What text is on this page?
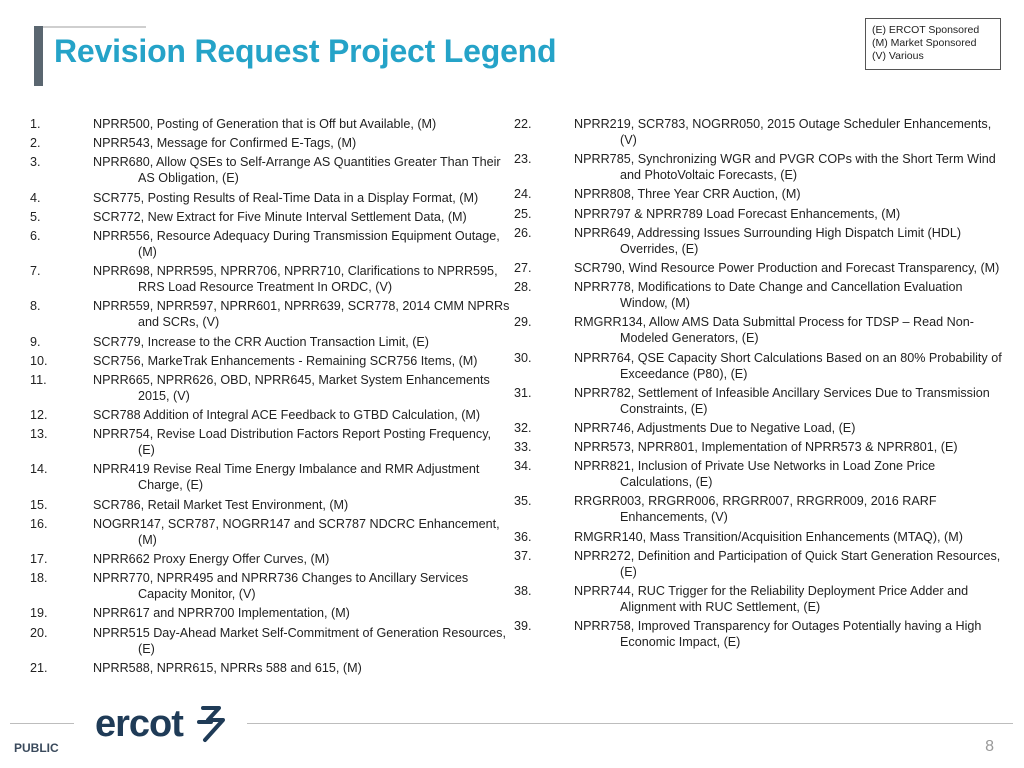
Revision Request Project Legend
(E) ERCOT Sponsored
(M) Market Sponsored
(V) Various
1.	NPRR500, Posting of Generation that is Off but Available, (M)
2.	NPRR543, Message for Confirmed E-Tags, (M)
3.	NPRR680, Allow QSEs to Self-Arrange AS Quantities Greater Than Their AS Obligation, (E)
4.	SCR775, Posting Results of Real-Time Data in a Display Format, (M)
5.	SCR772, New Extract for Five Minute Interval Settlement Data, (M)
6.	NPRR556, Resource Adequacy During Transmission Equipment Outage, (M)
7.	NPRR698, NPRR595, NPRR706, NPRR710, Clarifications to NPRR595, RRS Load Resource Treatment In ORDC, (V)
8.	NPRR559, NPRR597, NPRR601, NPRR639, SCR778, 2014 CMM NPRRs and SCRs, (V)
9.	SCR779, Increase to the CRR Auction Transaction Limit, (E)
10.	SCR756, MarkeTrak Enhancements - Remaining SCR756 Items, (M)
11.	NPRR665, NPRR626, OBD, NPRR645, Market System Enhancements 2015, (V)
12.	SCR788 Addition of Integral ACE Feedback to GTBD Calculation, (M)
13.	NPRR754, Revise Load Distribution Factors Report Posting Frequency, (E)
14.	NPRR419 Revise Real Time Energy Imbalance and RMR Adjustment Charge, (E)
15.	SCR786, Retail Market Test Environment, (M)
16.	NOGRR147, SCR787, NOGRR147 and SCR787 NDCRC Enhancement, (M)
17.	NPRR662 Proxy Energy Offer Curves, (M)
18.	NPRR770, NPRR495 and NPRR736 Changes to Ancillary Services Capacity Monitor, (V)
19.	NPRR617 and NPRR700 Implementation, (M)
20.	NPRR515 Day-Ahead Market Self-Commitment of Generation Resources, (E)
21.	NPRR588, NPRR615, NPRRs 588 and 615, (M)
22.	NPRR219, SCR783, NOGRR050, 2015 Outage Scheduler Enhancements, (V)
23.	NPRR785, Synchronizing WGR and PVGR COPs with the Short Term Wind and PhotoVoltaic Forecasts, (E)
24.	NPRR808, Three Year CRR Auction, (M)
25.	NPRR797 & NPRR789 Load Forecast Enhancements, (M)
26.	NPRR649, Addressing Issues Surrounding High Dispatch Limit (HDL) Overrides, (E)
27.	SCR790, Wind Resource Power Production and Forecast Transparency, (M)
28.	NPRR778, Modifications to Date Change and Cancellation Evaluation Window, (M)
29.	RMGRR134, Allow AMS Data Submittal Process for TDSP – Read Non-Modeled Generators, (E)
30.	NPRR764, QSE Capacity Short Calculations Based on an 80% Probability of Exceedance (P80), (E)
31.	NPRR782, Settlement of Infeasible Ancillary Services Due to Transmission Constraints, (E)
32.	NPRR746, Adjustments Due to Negative Load, (E)
33.	NPRR573, NPRR801, Implementation of NPRR573 & NPRR801, (E)
34.	NPRR821, Inclusion of Private Use Networks in Load Zone Price Calculations, (E)
35.	RRGRR003, RRGRR006, RRGRR007, RRGRR009, 2016 RARF Enhancements, (V)
36.	RMGRR140, Mass Transition/Acquisition Enhancements (MTAQ), (M)
37.	NPRR272, Definition and Participation of Quick Start Generation Resources, (E)
38.	NPRR744, RUC Trigger for the Reliability Deployment Price Adder and Alignment with RUC Settlement, (E)
39.	NPRR758, Improved Transparency for Outages Potentially having a High Economic Impact, (E)
ercot
PUBLIC	8
